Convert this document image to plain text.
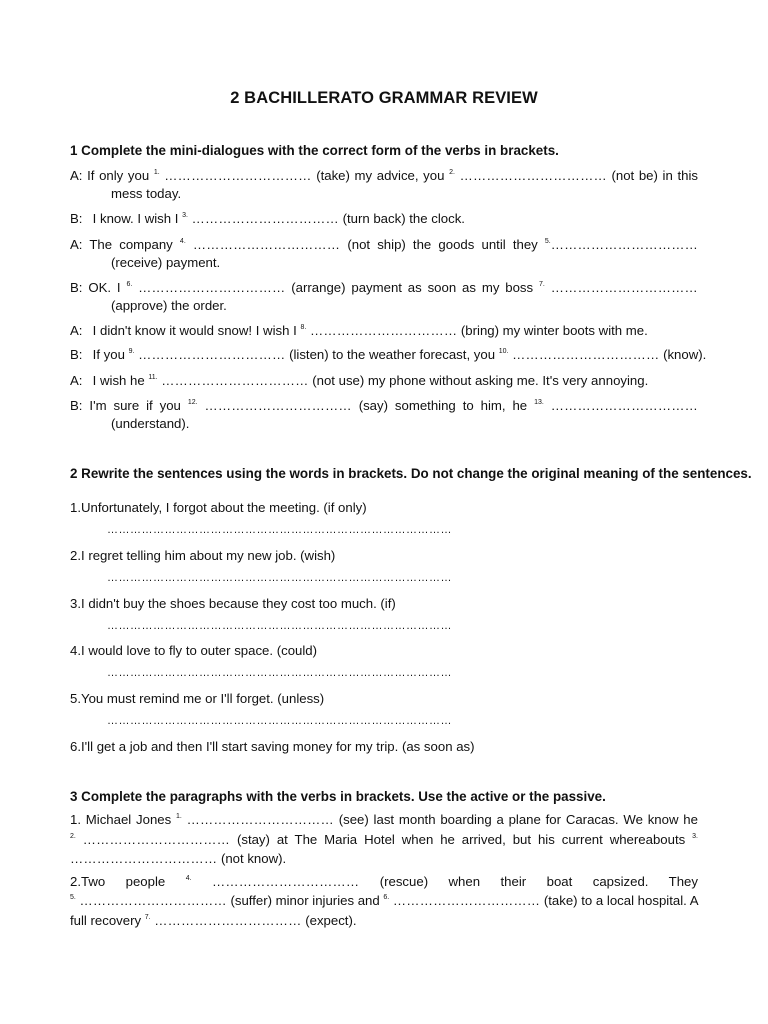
2 BACHILLERATO GRAMMAR REVIEW
1 Complete the mini-dialogues with the correct form of the verbs in brackets.
A: If only you $^{1.}$ …………………………… (take) my advice, you $^{2.}$ …………………………… (not be) in this
mess today.
B: I know. I wish I $^{3.}$ …………………………… (turn back) the clock.
A: The company $^{4.}$ …………………………… (not ship) the goods until they $^{5.}$……………………………
(receive) payment.
B: OK. I $^{6.}$ …………………………… (arrange) payment as soon as my boss $^{7.}$ ……………………………
(approve) the order.
A: I didn't know it would snow! I wish I $^{8.}$ …………………………… (bring) my winter boots with me.
B: If you $^{9.}$ …………………………… (listen) to the weather forecast, you $^{10.}$ …………………………… (know).
A: I wish he $^{11.}$ …………………………… (not use) my phone without asking me. It's very annoying.
B: I'm sure if you $^{12.}$ …………………………… (say) something to him, he $^{13.}$ ……………………………
(understand).
2 Rewrite the sentences using the words in brackets. Do not change the original meaning of the sentences.
1.Unfortunately, I forgot about the meeting. (if only)
………………………………………………………………………………
2.I regret telling him about my new job. (wish)
………………………………………………………………………………
3.I didn't buy the shoes because they cost too much. (if)
………………………………………………………………………………
4.I would love to fly to outer space. (could)
………………………………………………………………………………
5.You must remind me or I'll forget. (unless)
………………………………………………………………………………
6.I'll get a job and then I'll start saving money for my trip. (as soon as)
3 Complete the paragraphs with the verbs in brackets. Use the active or the passive.
1. Michael Jones $^{1.}$ …………………………… (see) last month boarding a plane for Caracas. We know he
$^{2.}$ …………………………… (stay) at The Maria Hotel when he arrived, but his current whereabouts $^{3.}$
…………………………… (not know).
2.Two people	$^{4.}$ …………………………… (rescue) when their boat capsized. They
$^{5.}$ …………………………… (suffer) minor injuries and $^{6.}$ …………………………… (take) to a local hospital. A
full recovery $^{7.}$ …………………………… (expect).
